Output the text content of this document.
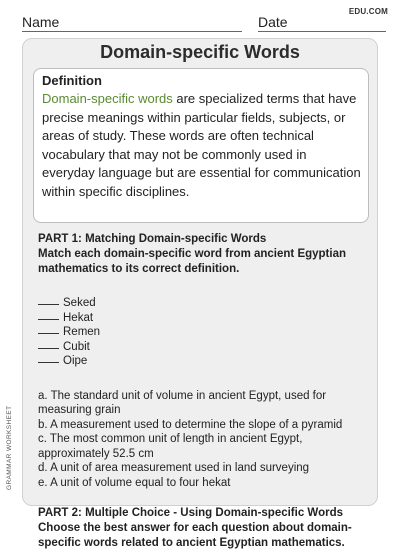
EDU.COM
Name	Date
GRAMMAR WORKSHEET
Domain-specific Words
Definition
Domain-specific words are specialized terms that have precise meanings within particular fields, subjects, or areas of study. These words are often technical vocabulary that may not be commonly used in everyday language but are essential for communication within specific disciplines.
PART 1: Matching Domain-specific Words
Match each domain-specific word from ancient Egyptian mathematics to its correct definition.
Seked
Hekat
Remen
Cubit
Oipe
a. The standard unit of volume in ancient Egypt, used for measuring grain
b. A measurement used to determine the slope of a pyramid
c. The most common unit of length in ancient Egypt, approximately 52.5 cm
d. A unit of area measurement used in land surveying
e. A unit of volume equal to four hekat
PART 2: Multiple Choice - Using Domain-specific Words
Choose the best answer for each question about domain-specific words related to ancient Egyptian mathematics.
